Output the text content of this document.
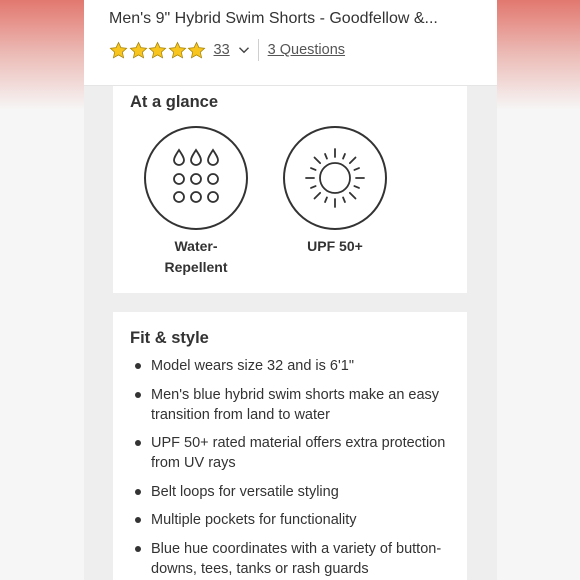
Men's 9" Hybrid Swim Shorts - Goodfellow &...
33	3 Questions
At a glance
Water-
Repellent
UPF 50+
Fit & style
Model wears size 32 and is 6'1"
Men's blue hybrid swim shorts make an easy transition from land to water
UPF 50+ rated material offers extra protection from UV rays
Belt loops for versatile styling
Multiple pockets for functionality
Blue hue coordinates with a variety of button-downs, tees, tanks or rash guards
